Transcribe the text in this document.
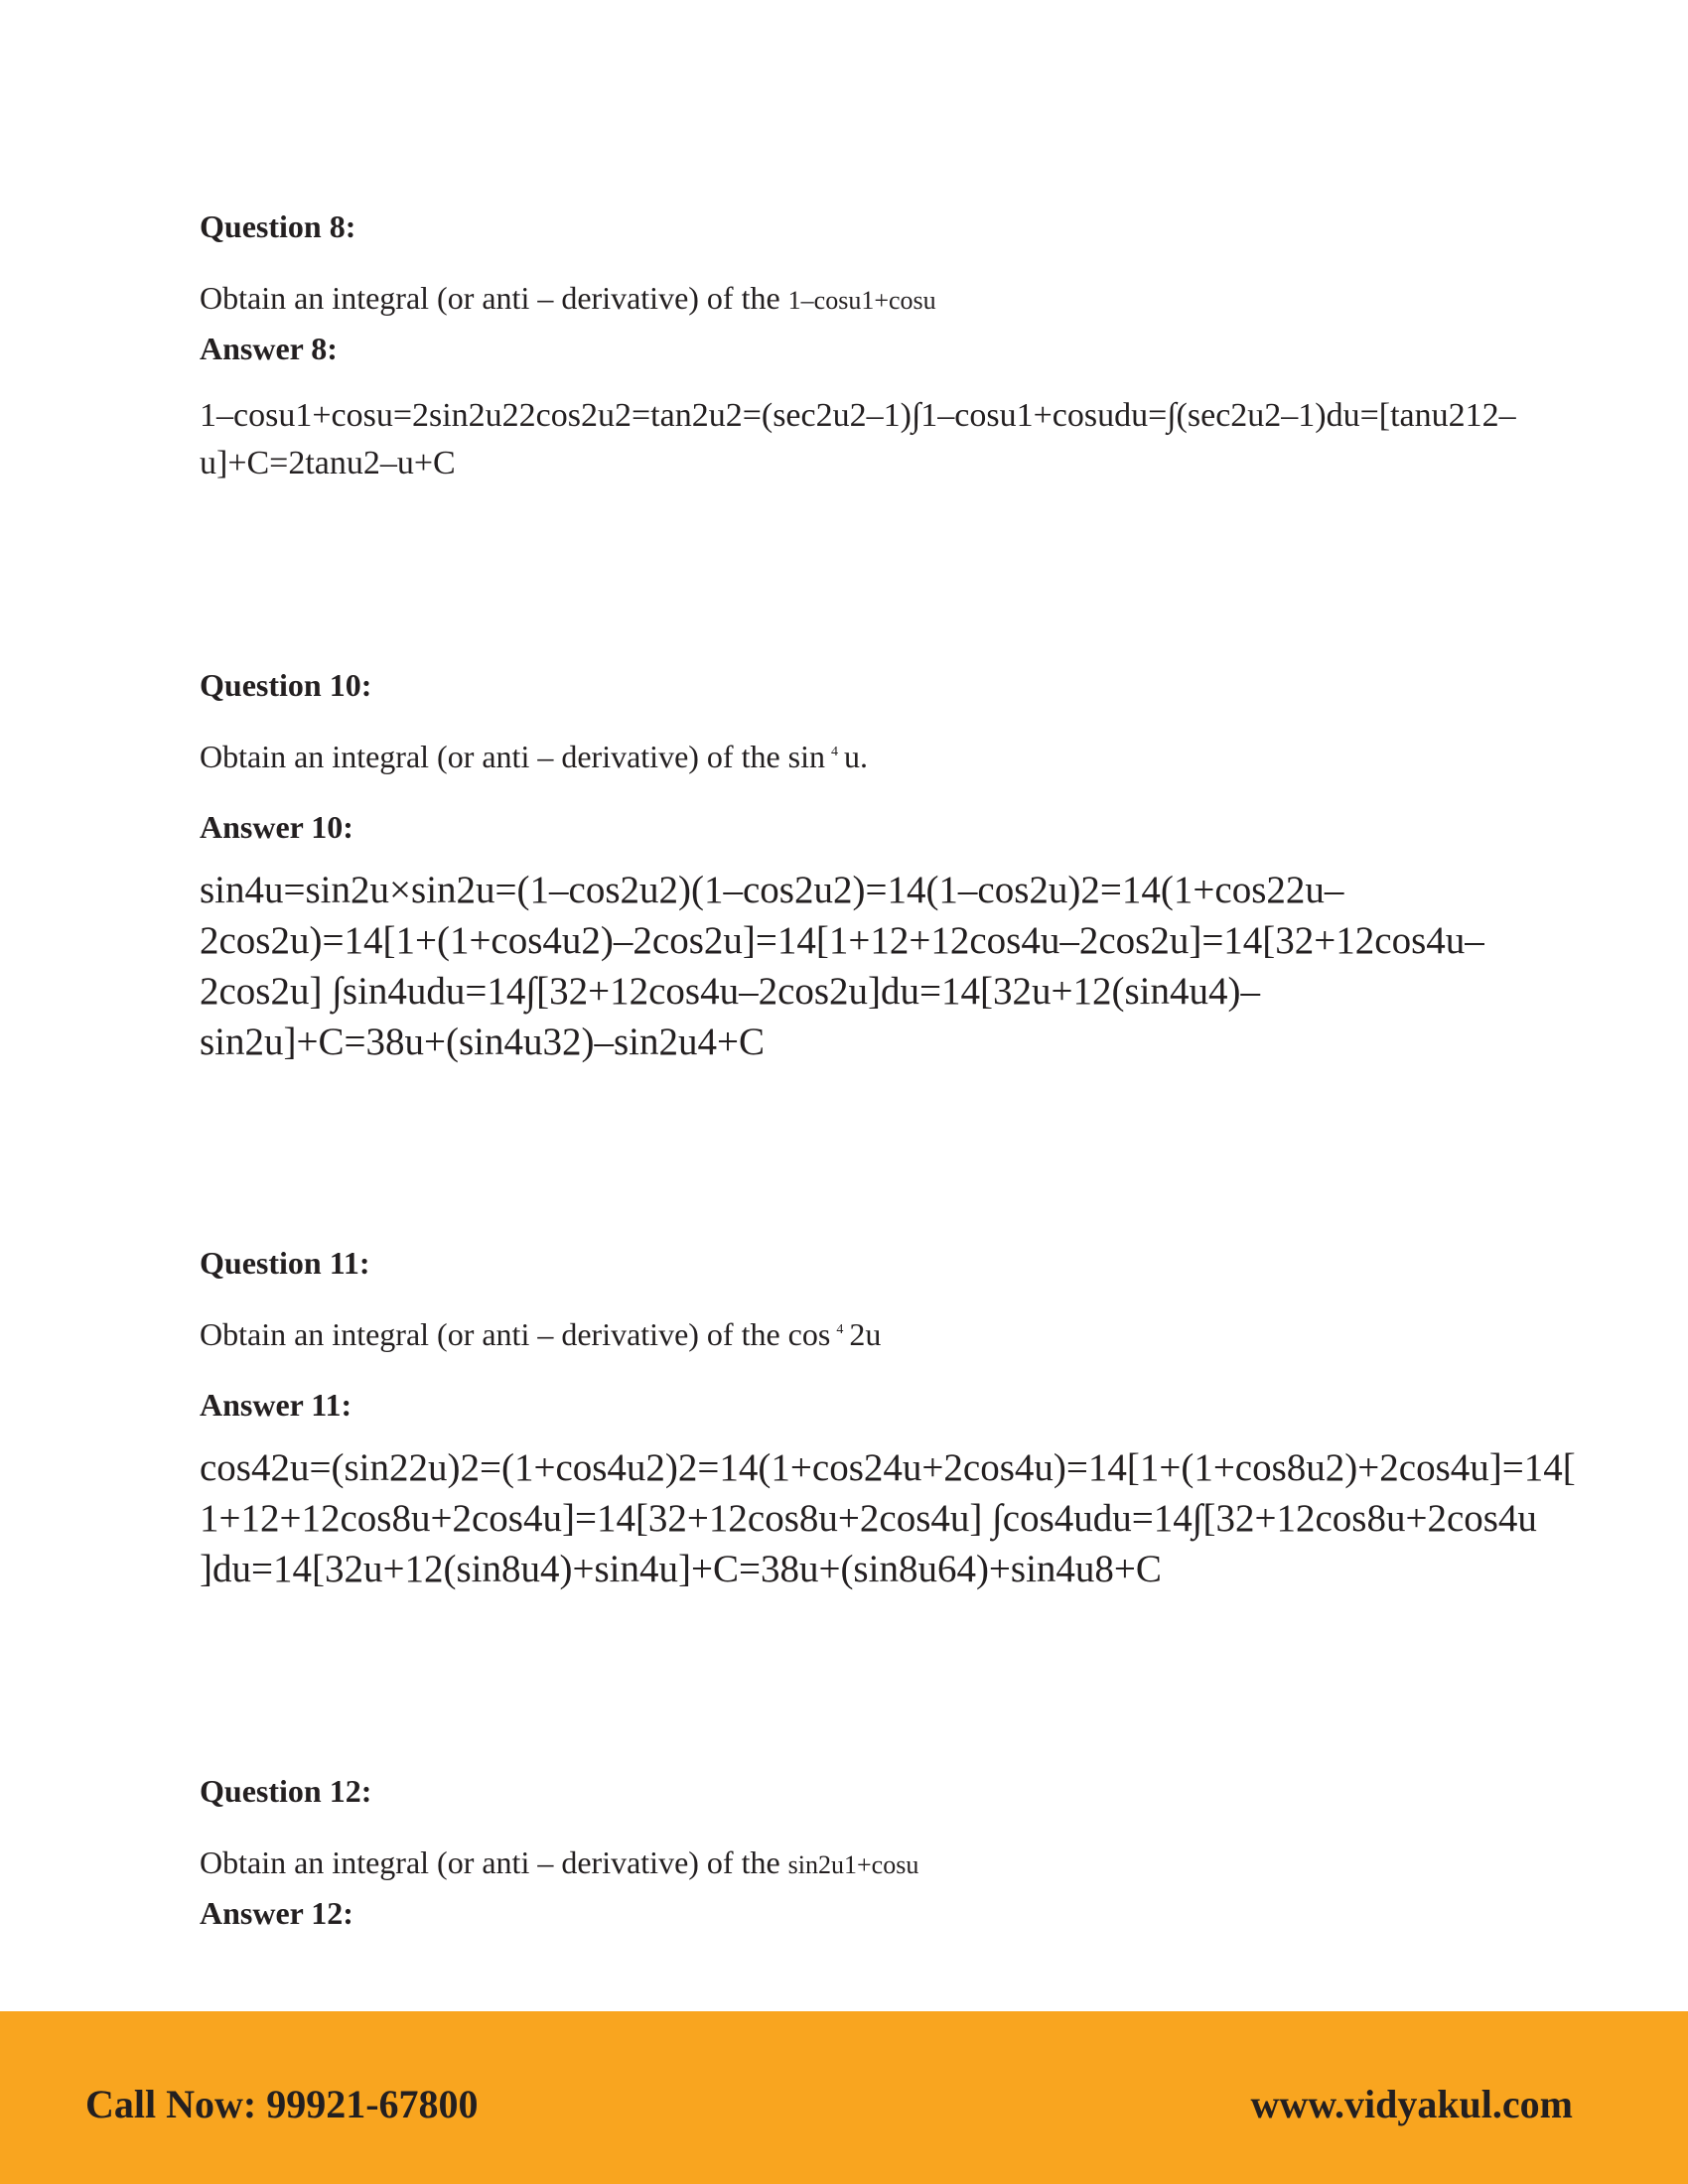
Question 8:
Obtain an integral (or anti – derivative) of the 1–cosu1+cosu
Answer 8:
1–cosu1+cosu=2sin2u22cos2u2=tan2u2=(sec2u2–1)∫1–cosu1+cosudu=∫(sec2u2–1)du=[tanu212–
u]+C=2tanu2–u+C
Question 10:
Obtain an integral (or anti – derivative) of the sin $^4$ u.
Answer 10:
sin4u=sin2u×sin2u=(1–cos2u2)(1–cos2u2)=14(1–cos2u)2=14(1+cos22u–
2cos2u)=14[1+(1+cos4u2)–2cos2u]=14[1+12+12cos4u–2cos2u]=14[32+12cos4u–
2cos2u] ∫sin4udu=14∫[32+12cos4u–2cos2u]du=14[32u+12(sin4u4)–
sin2u]+C=38u+(sin4u32)–sin2u4+C
Question 11:
Obtain an integral (or anti – derivative) of the cos $^4$ 2u
Answer 11:
cos42u=(sin22u)2=(1+cos4u2)2=14(1+cos24u+2cos4u)=14[1+(1+cos8u2)+2cos4u]=14[
1+12+12cos8u+2cos4u]=14[32+12cos8u+2cos4u] ∫cos4udu=14∫[32+12cos8u+2cos4u
]du=14[32u+12(sin8u4)+sin4u]+C=38u+(sin8u64)+sin4u8+C
Question 12:
Obtain an integral (or anti – derivative) of the sin2u1+cosu
Answer 12:
Call Now: 99921-67800	www.vidyakul.com
